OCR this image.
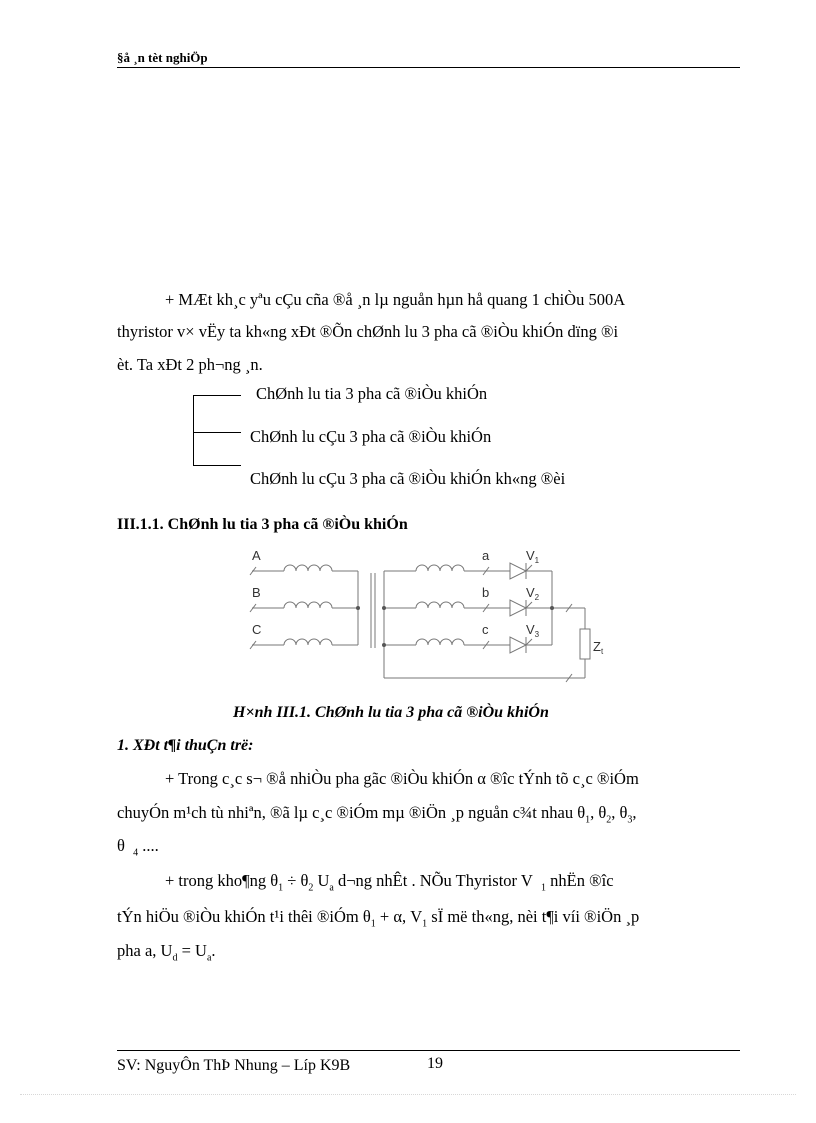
§å ¸n tèt nghiÖp
+ MÆt kh¸c yªu cÇu cña ®å ¸n lµ nguån hµn hå quang 1 chiÒu 500A
thyristor v× vËy ta kh«ng xÐt ®Õn chØnh lu 3 pha cã ®iÒu khiÓn dïng ®i
èt. Ta xÐt 2 ph¬ng ¸n.
ChØnh lu tia 3 pha cã ®iÒu khiÓn
ChØnh lu cÇu 3 pha cã ®iÒu khiÓn
ChØnh lu cÇu 3 pha cã ®iÒu khiÓn kh«ng ®èi
III.1.1. ChØnh lu tia 3 pha cã ®iÒu khiÓn
A
B
C
a
b
c
$V_1$
$V_2$
$V_3$
$Z_t$
H×nh III.1. ChØnh lu tia 3 pha cã ®iÒu khiÓn
1. XÐt t¶i thuÇn trë:
+ Trong c¸c s¬ ®å nhiÒu pha gãc ®iÒu khiÓn α ®îc tÝnh tõ c¸c ®iÓm
chuyÓn m¹ch tù nhiªn, ®ã lµ c¸c ®iÓm mµ ®iÖn ¸p nguån c¾t nhau $\theta_1$, $\theta_2$, $\theta_3$,
θ $_4$ ....
+ trong kho¶ng $\theta_1 \div \theta_2$ $U_a$ d¬ng nhÊt . NÕu Thyristor V $_1$ nhËn ®îc
tÝn hiÖu ®iÒu khiÓn t¹i thêi ®iÓm $\theta_1 + \alpha$, $V_1$ sÏ më th«ng, nèi t¶i víi ®iÖn ¸p
pha a, $U_d = U_a$.
SV: NguyÔn ThÞ Nhung – Líp K9B	19
